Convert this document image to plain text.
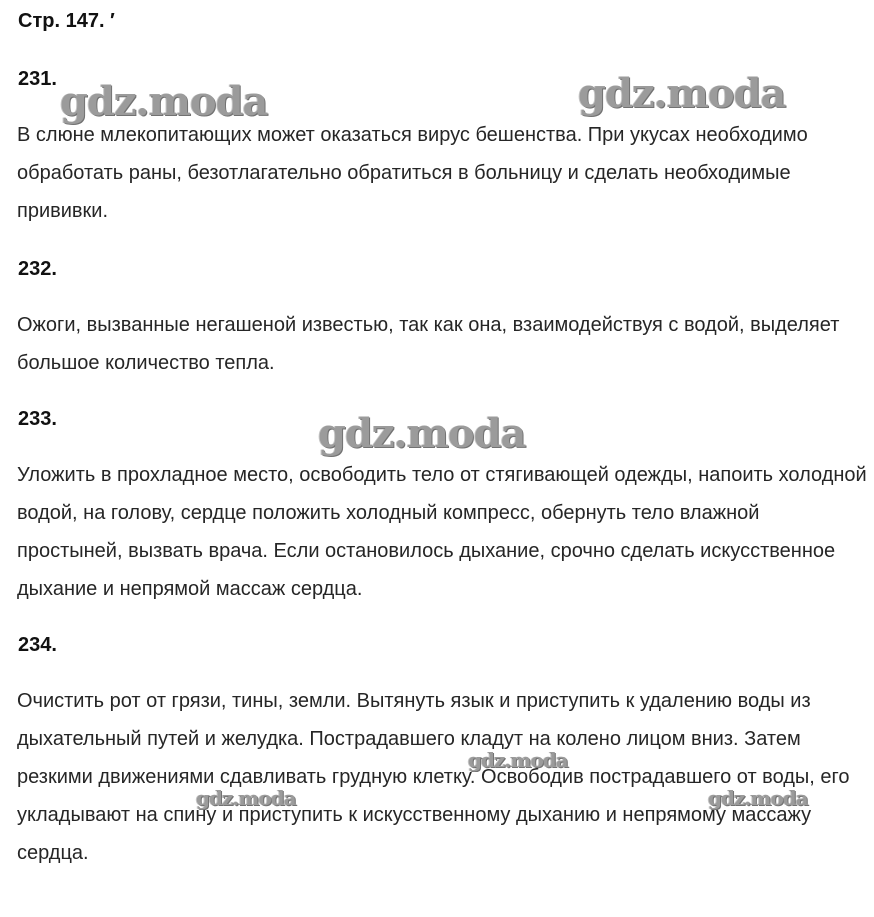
Стр. 147. ′
231.

В слюне млекопитающих может оказаться вирус бешенства. При укусах необходимо обработать раны, безотлагательно обратиться в больницу и сделать необходимые прививки.

232.

Ожоги, вызванные негашеной известью, так как она, взаимодействуя с водой, выделяет большое количество тепла.

233.

Уложить в прохладное место, освободить тело от стягивающей одежды, напоить холодной водой, на голову, сердце положить холодный компресс, обернуть тело влажной простыней, вызвать врача. Если остановилось дыхание, срочно сделать искусственное дыхание и непрямой массаж сердца.

234.

Очистить рот от грязи, тины, земли. Вытянуть язык и приступить к удалению воды из дыхательный путей и желудка. Пострадавшего кладут на колено лицом вниз. Затем резкими движениями сдавливать грудную клетку. Освободив пострадавшего от воды, его укладывают на спину и приступить к искусственному дыханию и непрямому массажу сердца.

gdz.moda	gdz.moda
gdz.moda
gdz.moda
gdz.moda	gdz.moda
